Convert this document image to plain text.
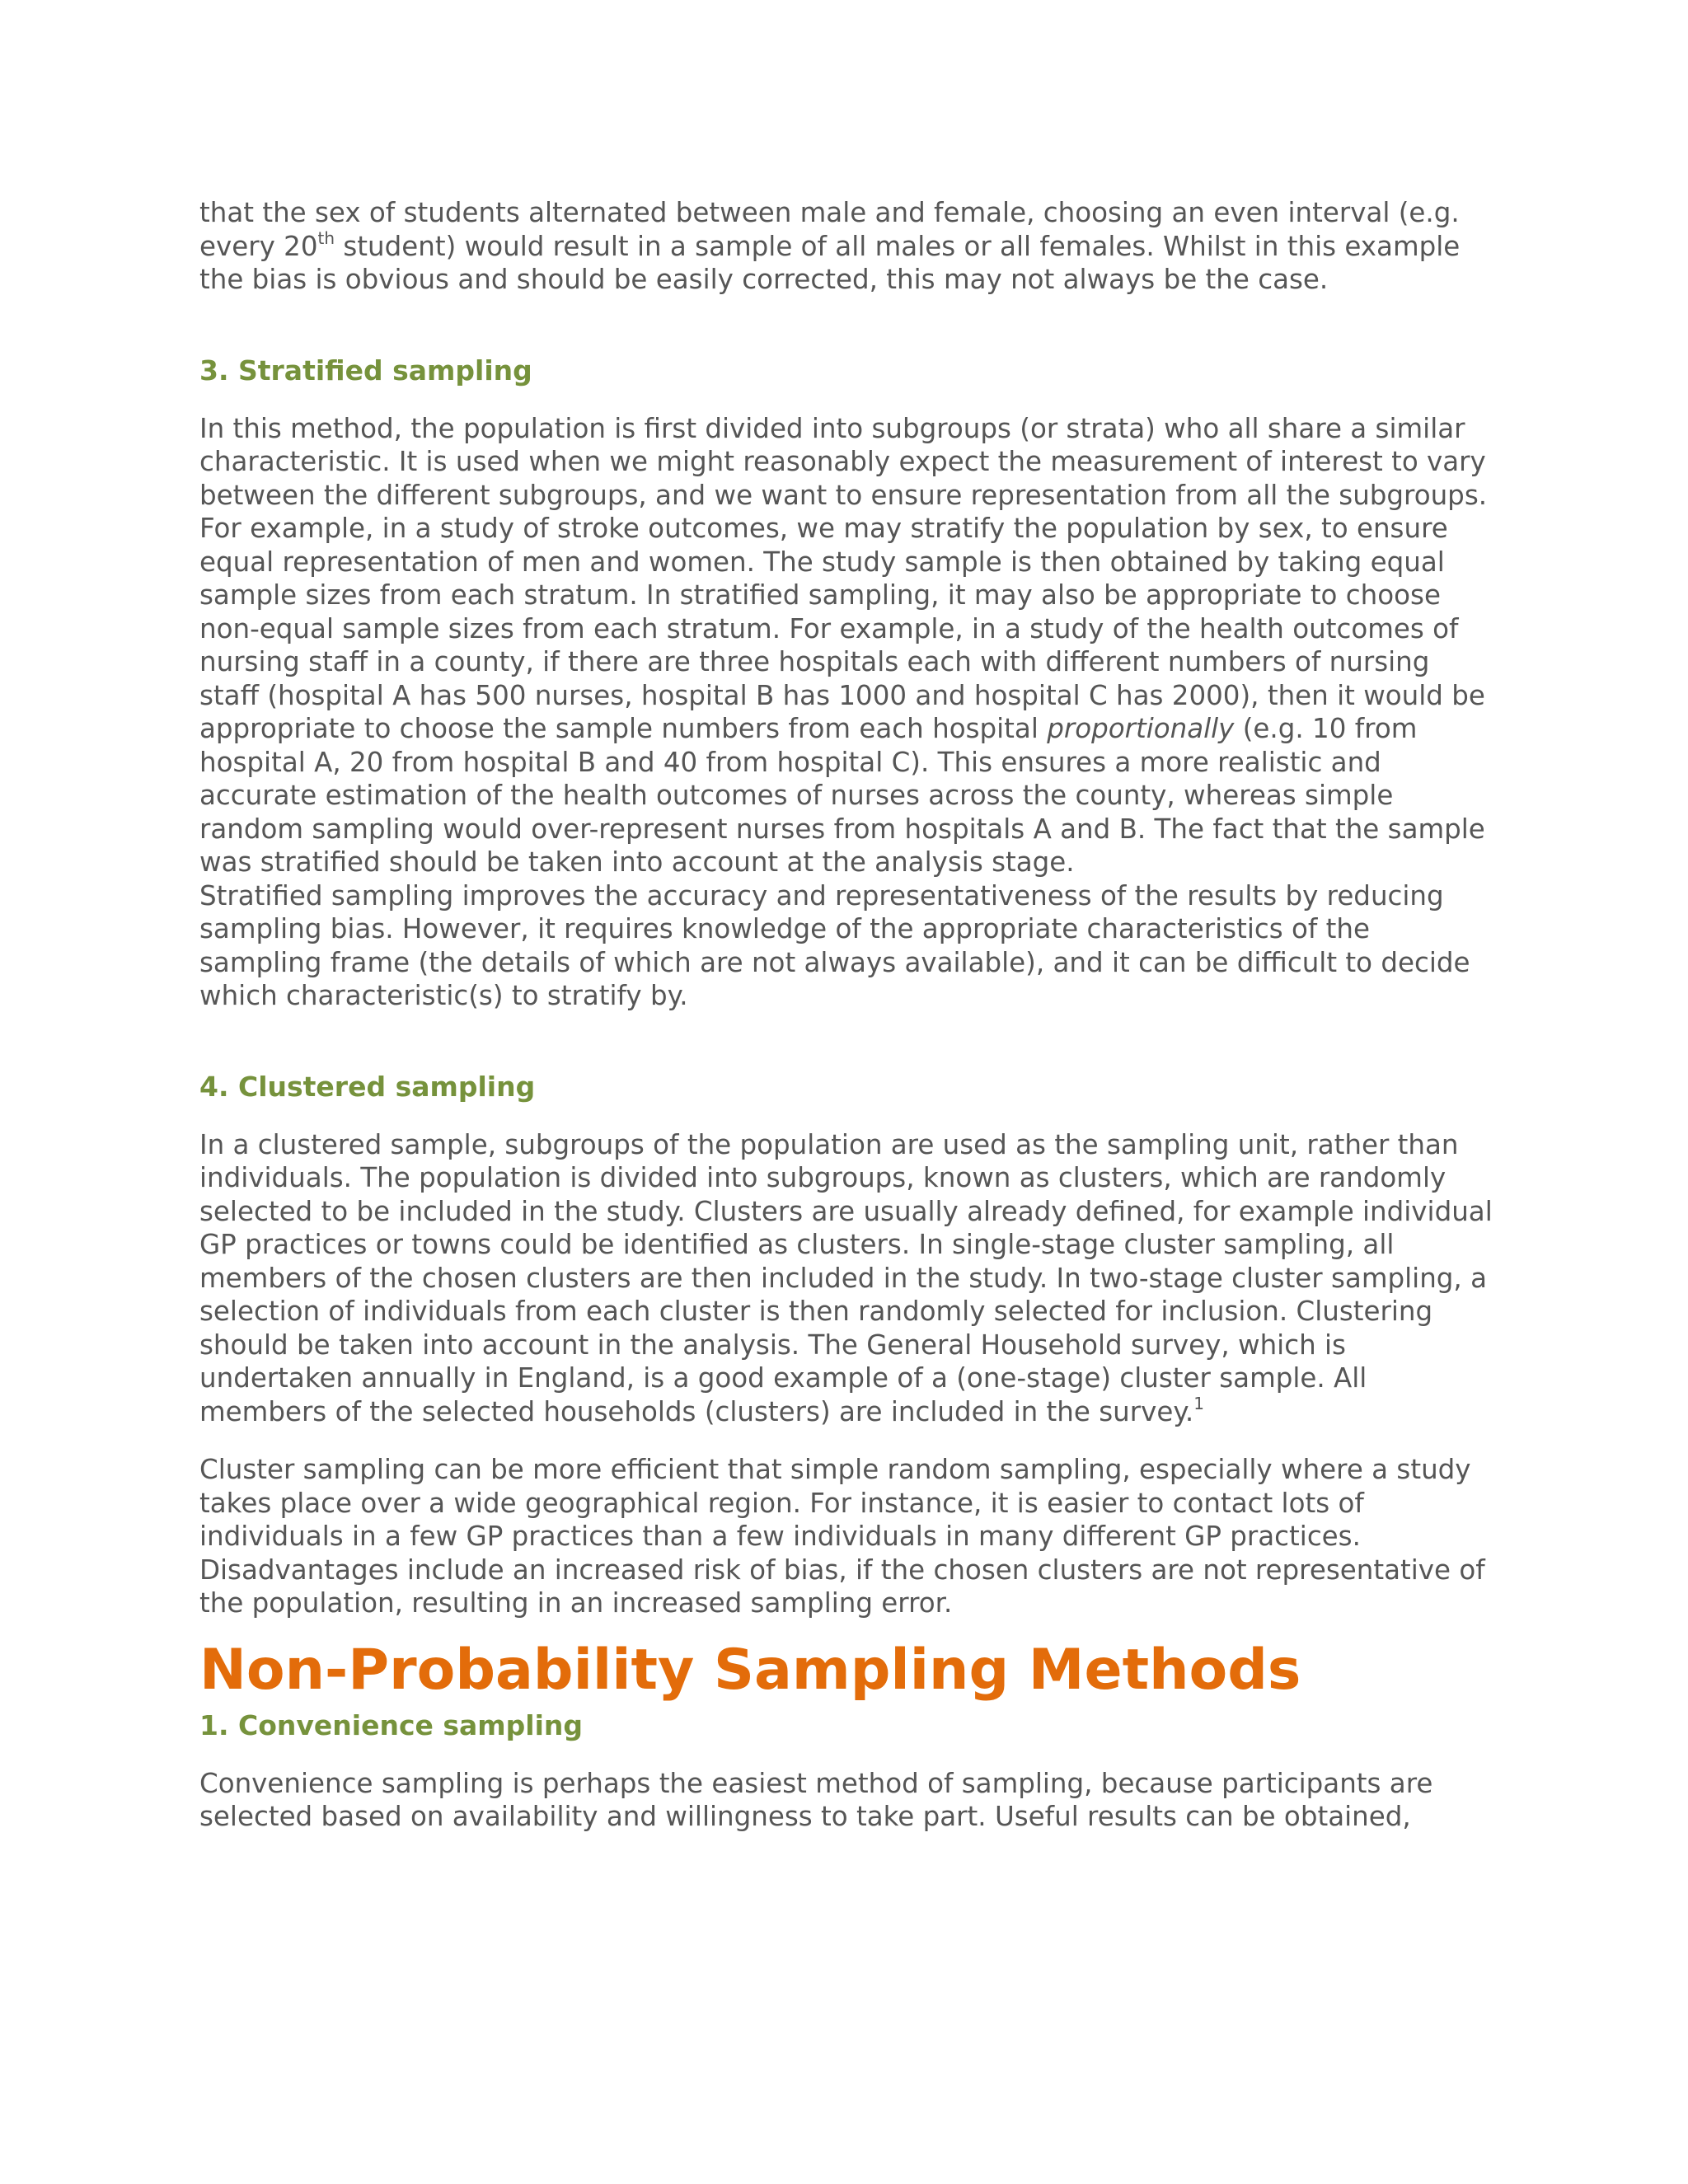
that the sex of students alternated between male and female, choosing an even interval (e.g. every 20th student) would result in a sample of all males or all females. Whilst in this example the bias is obvious and should be easily corrected, this may not always be the case.

3. Stratified sampling

In this method, the population is first divided into subgroups (or strata) who all share a similar characteristic. It is used when we might reasonably expect the measurement of interest to vary between the different subgroups, and we want to ensure representation from all the subgroups. For example, in a study of stroke outcomes, we may stratify the population by sex, to ensure equal representation of men and women. The study sample is then obtained by taking equal sample sizes from each stratum. In stratified sampling, it may also be appropriate to choose non-equal sample sizes from each stratum. For example, in a study of the health outcomes of nursing staff in a county, if there are three hospitals each with different numbers of nursing staff (hospital A has 500 nurses, hospital B has 1000 and hospital C has 2000), then it would be appropriate to choose the sample numbers from each hospital proportionally (e.g. 10 from hospital A, 20 from hospital B and 40 from hospital C). This ensures a more realistic and accurate estimation of the health outcomes of nurses across the county, whereas simple random sampling would over-represent nurses from hospitals A and B. The fact that the sample was stratified should be taken into account at the analysis stage.

Stratified sampling improves the accuracy and representativeness of the results by reducing sampling bias. However, it requires knowledge of the appropriate characteristics of the sampling frame (the details of which are not always available), and it can be difficult to decide which characteristic(s) to stratify by.

4. Clustered sampling

In a clustered sample, subgroups of the population are used as the sampling unit, rather than individuals. The population is divided into subgroups, known as clusters, which are randomly selected to be included in the study. Clusters are usually already defined, for example individual GP practices or towns could be identified as clusters. In single-stage cluster sampling, all members of the chosen clusters are then included in the study. In two-stage cluster sampling, a selection of individuals from each cluster is then randomly selected for inclusion. Clustering should be taken into account in the analysis. The General Household survey, which is undertaken annually in England, is a good example of a (one-stage) cluster sample. All members of the selected households (clusters) are included in the survey.$^1$

Cluster sampling can be more efficient that simple random sampling, especially where a study takes place over a wide geographical region. For instance, it is easier to contact lots of individuals in a few GP practices than a few individuals in many different GP practices. Disadvantages include an increased risk of bias, if the chosen clusters are not representative of the population, resulting in an increased sampling error.

Non-Probability Sampling Methods
1. Convenience sampling

Convenience sampling is perhaps the easiest method of sampling, because participants are selected based on availability and willingness to take part. Useful results can be obtained,
